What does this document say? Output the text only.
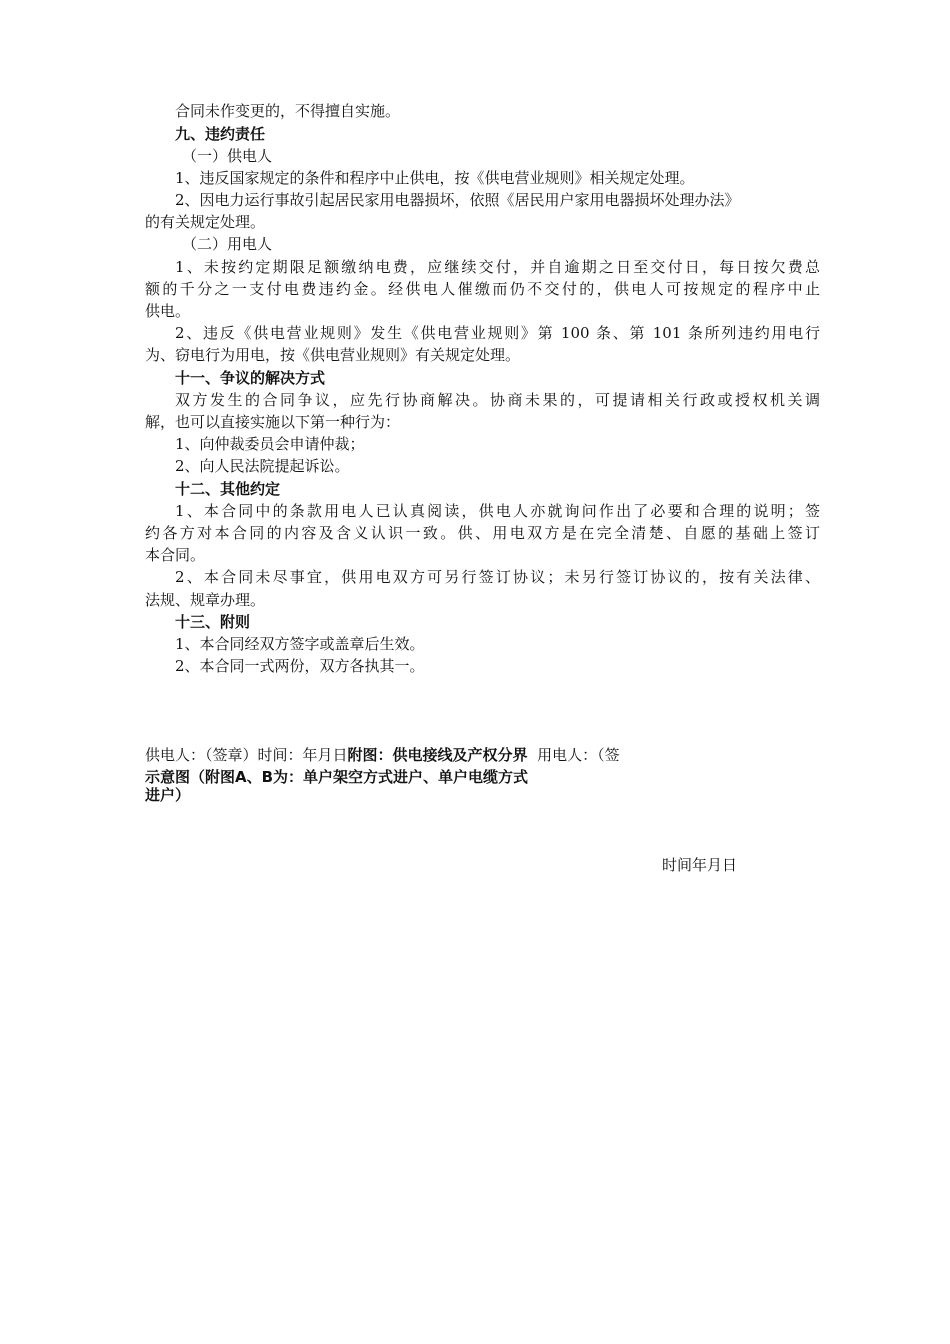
合同未作变更的，不得擅自实施。
九、违约责任
（一）供电人
1、违反国家规定的条件和程序中止供电，按《供电营业规则》相关规定处理。
2、因电力运行事故引起居民家用电器损坏，依照《居民用户家用电器损坏处理办法》
的有关规定处理。
（二）用电人
1、未按约定期限足额缴纳电费，应继续交付，并自逾期之日至交付日，每日按欠费总
额的千分之一支付电费违约金。经供电人催缴而仍不交付的，供电人可按规定的程序中止
供电。
2、违反《供电营业规则》发生《供电营业规则》第 100 条、第 101 条所列违约用电行
为、窃电行为用电，按《供电营业规则》有关规定处理。
十一、争议的解决方式
双方发生的合同争议，应先行协商解决。协商未果的，可提请相关行政或授权机关调
解，也可以直接实施以下第一种行为：
1、向仲裁委员会申请仲裁；
2、向人民法院提起诉讼。
十二、其他约定
1、本合同中的条款用电人已认真阅读，供电人亦就询问作出了必要和合理的说明；签
约各方对本合同的内容及含义认识一致。供、用电双方是在完全清楚、自愿的基础上签订
本合同。
2、本合同未尽事宜，供用电双方可另行签订协议；未另行签订协议的，按有关法律、
法规、规章办理。
十三、附则
1、本合同经双方签字或盖章后生效。
2、本合同一式两份，双方各执其一。
供电人：（签章）时间：年月日附图：供电接线及产权分界 用电人：（签
示意图（附图A、B为：单户架空方式进户、单户电缆方式
进户）
时间年月日
